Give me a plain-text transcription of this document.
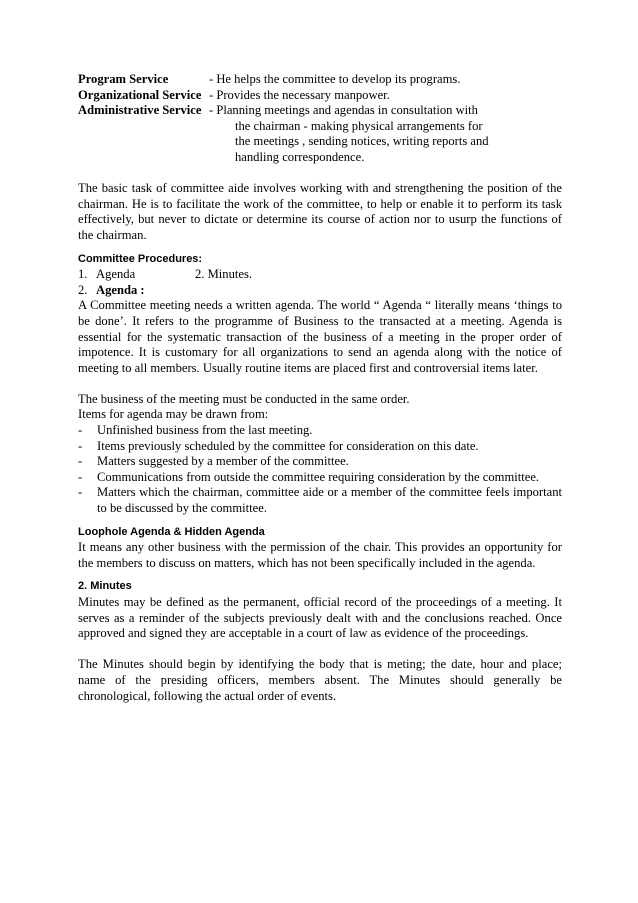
Program Service	- He helps the committee to develop its programs.
Organizational Service - Provides the necessary manpower.
Administrative Service - Planning meetings and agendas in consultation with
the chairman - making physical arrangements for
the meetings , sending notices, writing reports and
handling correspondence.

The basic task of committee aide involves working with and strengthening the position of the chairman. He is to facilitate the work of the committee, to help or enable it to perform its task effectively, but never to dictate or determine its course of action nor to usurp the functions of the chairman.

Committee Procedures:
1. Agenda	2. Minutes.
2. Agenda :

A Committee meeting needs a written agenda. The world “ Agenda “ literally means ‘things to be done’. It refers to the programme of Business to the transacted at a meeting. Agenda is essential for the systematic transaction of the business of a meeting in the proper order of impotence. It is customary for all organizations to send an agenda along with the notice of meeting to all members. Usually routine items are placed first and controversial items later.

The business of the meeting must be conducted in the same order.

Items for agenda may be drawn from:

- Unfinished business from the last meeting.
- Items previously scheduled by the committee for consideration on this date.
- Matters suggested by a member of the committee.
- Communications from outside the committee requiring consideration by the committee.
- Matters which the chairman, committee aide or a member of the committee feels important to be discussed by the committee.
Loophole Agenda & Hidden Agenda

It means any other business with the permission of the chair. This provides an opportunity for the members to discuss on matters, which has not been specifically included in the agenda.

2. Minutes

Minutes may be defined as the permanent, official record of the proceedings of a meeting. It serves as a reminder of the subjects previously dealt with and the conclusions reached. Once approved and signed they are acceptable in a court of law as evidence of the proceedings.

The Minutes should begin by identifying the body that is meting; the date, hour and place; name of the presiding officers, members absent. The Minutes should generally be chronological, following the actual order of events.
